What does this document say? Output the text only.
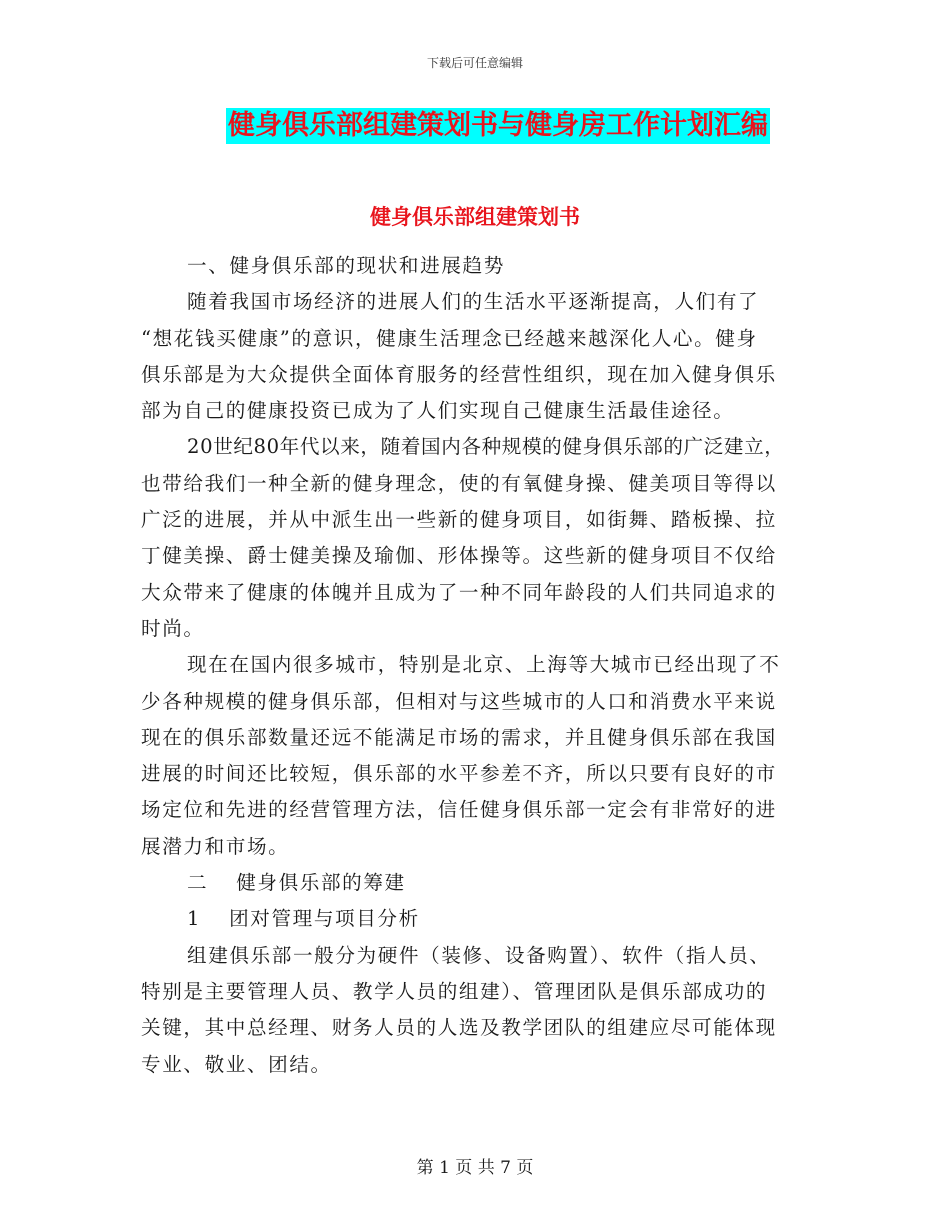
下载后可任意编辑
健身俱乐部组建策划书与健身房工作计划汇编
健身俱乐部组建策划书
一、健身俱乐部的现状和进展趋势
随着我国市场经济的进展人们的生活水平逐渐提高，人们有了
“想花钱买健康”的意识，健康生活理念已经越来越深化人心。健身
俱乐部是为大众提供全面体育服务的经营性组织，现在加入健身俱乐
部为自己的健康投资已成为了人们实现自己健康生活最佳途径。
20世纪80年代以来，随着国内各种规模的健身俱乐部的广泛建立，
也带给我们一种全新的健身理念，使的有氧健身操、健美项目等得以
广泛的进展，并从中派生出一些新的健身项目，如街舞、踏板操、拉
丁健美操、爵士健美操及瑜伽、形体操等。这些新的健身项目不仅给
大众带来了健康的体魄并且成为了一种不同年龄段的人们共同追求的
时尚。
现在在国内很多城市，特别是北京、上海等大城市已经出现了不
少各种规模的健身俱乐部，但相对与这些城市的人口和消费水平来说
现在的俱乐部数量还远不能满足市场的需求，并且健身俱乐部在我国
进展的时间还比较短，俱乐部的水平参差不齐，所以只要有良好的市
场定位和先进的经营管理方法，信任健身俱乐部一定会有非常好的进
展潜力和市场。
二 健身俱乐部的筹建
1 团对管理与项目分析
组建俱乐部一般分为硬件（装修、设备购置）、软件（指人员、
特别是主要管理人员、教学人员的组建）、管理团队是俱乐部成功的
关键，其中总经理、财务人员的人选及教学团队的组建应尽可能体现
专业、敬业、团结。
第 1 页 共 7 页
